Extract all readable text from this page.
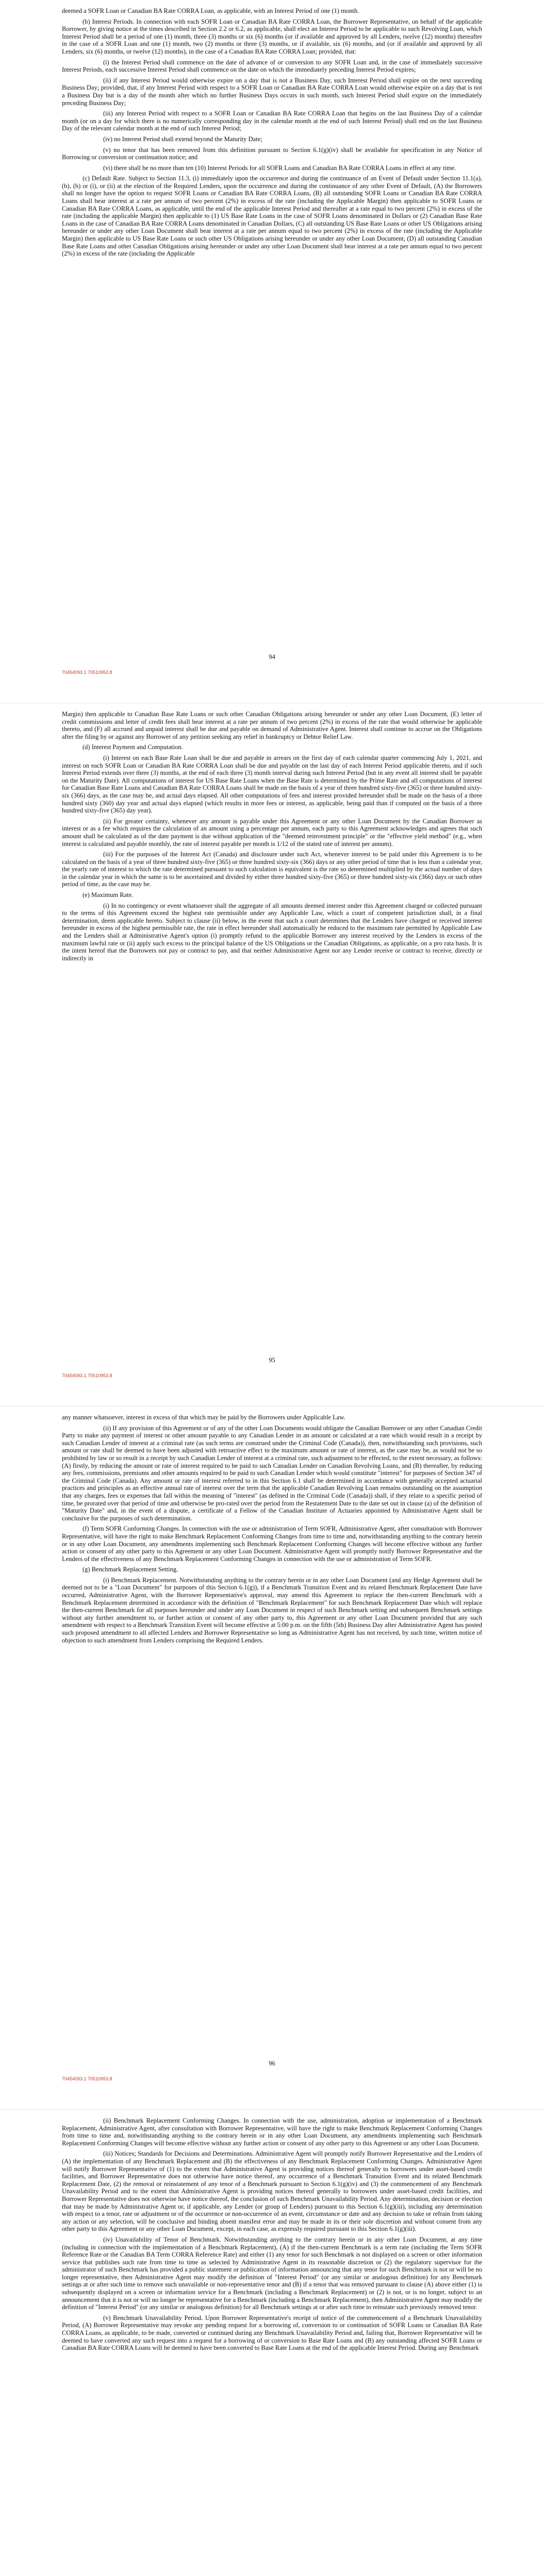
deemed a SOFR Loan or Canadian BA Rate CORRA Loan, as applicable, with an Interest Period of one (1) month.

(b) Interest Periods. In connection with each SOFR Loan or Canadian BA Rate CORRA Loan, the Borrower Representative, on behalf of the applicable Borrower, by giving notice at the times described in Section 2.2 or 6.2, as applicable, shall elect an Interest Period to be applicable to such Revolving Loan, which Interest Period shall be a period of one (1) month, three (3) months or six (6) months (or if available and approved by all Lenders, twelve (12) months) thereafter in the case of a SOFR Loan and one (1) month, two (2) months or three (3) months, or if available, six (6) months, and (or if available and approved by all Lenders, six (6) months, or twelve (12) months), in the case of a Canadian BA Rate CORRA Loan; provided, that:

(i) the Interest Period shall commence on the date of advance of or conversion to any SOFR Loan and, in the case of immediately successive Interest Periods, each successive Interest Period shall commence on the date on which the immediately preceding Interest Period expires;

(ii) if any Interest Period would otherwise expire on a day that is not a Business Day, such Interest Period shall expire on the next succeeding Business Day; provided, that, if any Interest Period with respect to a SOFR Loan or Canadian BA Rate CORRA Loan would otherwise expire on a day that is not a Business Day but is a day of the month after which no further Business Days occurs in such month, such Interest Period shall expire on the immediately preceding Business Day;

(iii) any Interest Period with respect to a SOFR Loan or Canadian BA Rate CORRA Loan that begins on the last Business Day of a calendar month (or on a day for which there is no numerically corresponding day in the calendar month at the end of such Interest Period) shall end on the last Business Day of the relevant calendar month at the end of such Interest Period;

(iv) no Interest Period shall extend beyond the Maturity Date;

(v) no tenor that has been removed from this definition pursuant to Section 6.1(g)(iv) shall be available for specification in any Notice of Borrowing or conversion or continuation notice; and

(vi) there shall be no more than ten (10) Interest Periods for all SOFR Loans and Canadian BA Rate CORRA Loans in effect at any time.

(c) Default Rate. Subject to Section 11.3, (i) immediately upon the occurrence and during the continuance of an Event of Default under Section 11.1(a), (b), (h) or (i), or (ii) at the election of the Required Lenders, upon the occurrence and during the continuance of any other Event of Default, (A) the Borrowers shall no longer have the option to request SOFR Loans or Canadian BA Rate CORRA Loans, (B) all outstanding SOFR Loans or Canadian BA Rate CORRA Loans shall bear interest at a rate per annum of two percent (2%) in excess of the rate (including the Applicable Margin) then applicable to SOFR Loans or Canadian BA Rate CORRA Loans, as applicable, until the end of the applicable Interest Period and thereafter at a rate equal to two percent (2%) in excess of the rate (including the applicable Margin) then applicable to (1) US Base Rate Loans in the case of SOFR Loans denominated in Dollars or (2) Canadian Base Rate Loans in the case of Canadian BA Rate CORRA Loans denominated in Canadian Dollars, (C) all outstanding US Base Rate Loans or other US Obligations arising hereunder or under any other Loan Document shall bear interest at a rate per annum equal to two percent (2%) in excess of the rate (including the Applicable Margin) then applicable to US Base Rate Loans or such other US Obligations arising hereunder or under any other Loan Document, (D) all outstanding Canadian Base Rate Loans and other Canadian Obligations arising hereunder or under any other Loan Document shall bear interest at a rate per annum equal to two percent (2%) in excess of the rate (including the Applicable

94
70454093.1 70510953.8

Margin) then applicable to Canadian Base Rate Loans or such other Canadian Obligations arising hereunder or under any other Loan Document, (E) letter of credit commissions and letter of credit fees shall bear interest at a rate per annum of two percent (2%) in excess of the rate that would otherwise be applicable thereto, and (F) all accrued and unpaid interest shall be due and payable on demand of Administrative Agent. Interest shall continue to accrue on the Obligations after the filing by or against any Borrower of any petition seeking any relief in bankruptcy or Debtor Relief Law.

(d) Interest Payment and Computation.

(i) Interest on each Base Rate Loan shall be due and payable in arrears on the first day of each calendar quarter commencing July 1, 2021, and interest on each SOFR Loan or Canadian BA Rate CORRA Loan shall be due and payable on the last day of each Interest Period applicable thereto, and if such Interest Period extends over three (3) months, at the end of each three (3) month interval during such Interest Period (but in any event all interest shall be payable on the Maturity Date). All computations of interest for US Base Rate Loans when the Base Rate is determined by the Prime Rate and all computations of interest for Canadian Base Rate Loans and Canadian BA Rate CORRA Loans shall be made on the basis of a year of three hundred sixty-five (365) or three hundred sixty-six (366) days, as the case may be, and actual days elapsed. All other computations of fees and interest provided hereunder shall be made on the basis of a three hundred sixty (360) day year and actual days elapsed (which results in more fees or interest, as applicable, being paid than if computed on the basis of a three hundred sixty-five (365) day year).

(ii) For greater certainty, whenever any amount is payable under this Agreement or any other Loan Document by the Canadian Borrower as interest or as a fee which requires the calculation of an amount using a percentage per annum, each party to this Agreement acknowledges and agrees that such amount shall be calculated as of the date payment is due without application of the "deemed reinvestment principle" or the "effective yield method" (e.g., when interest is calculated and payable monthly, the rate of interest payable per month is 1/12 of the stated rate of interest per annum).

(iii) For the purposes of the Interest Act (Canada) and disclosure under such Act, whenever interest to be paid under this Agreement is to be calculated on the basis of a year of three hundred sixty-five (365) or three hundred sixty-six (366) days or any other period of time that is less than a calendar year, the yearly rate of interest to which the rate determined pursuant to such calculation is equivalent is the rate so determined multiplied by the actual number of days in the calendar year in which the same is to be ascertained and divided by either three hundred sixty-five (365) or three hundred sixty-six (366) days or such other period of time, as the case may be.

(e) Maximum Rate.

(i) In no contingency or event whatsoever shall the aggregate of all amounts deemed interest under this Agreement charged or collected pursuant to the terms of this Agreement exceed the highest rate permissible under any Applicable Law, which a court of competent jurisdiction shall, in a final determination, deem applicable hereto. Subject to clause (ii) below, in the event that such a court determines that the Lenders have charged or received interest hereunder in excess of the highest permissible rate, the rate in effect hereunder shall automatically be reduced to the maximum rate permitted by Applicable Law and the Lenders shall at Administrative Agent's option (i) promptly refund to the applicable Borrower any interest received by the Lenders in excess of the maximum lawful rate or (ii) apply such excess to the principal balance of the US Obligations or the Canadian Obligations, as applicable, on a pro rata basis. It is the intent hereof that the Borrowers not pay or contract to pay, and that neither Administrative Agent nor any Lender receive or contract to receive, directly or indirectly in

95
70454093.1 70510953.8

any manner whatsoever, interest in excess of that which may be paid by the Borrowers under Applicable Law.

(ii) If any provision of this Agreement or of any of the other Loan Documents would obligate the Canadian Borrower or any other Canadian Credit Party to make any payment of interest or other amount payable to any Canadian Lender in an amount or calculated at a rate which would result in a receipt by such Canadian Lender of interest at a criminal rate (as such terms are construed under the Criminal Code (Canada)), then, notwithstanding such provisions, such amount or rate shall be deemed to have been adjusted with retroactive effect to the maximum amount or rate of interest, as the case may be, as would not be so prohibited by law or so result in a receipt by such Canadian Lender of interest at a criminal rate, such adjustment to be effected, to the extent necessary, as follows: (A) firstly, by reducing the amount or rate of interest required to be paid to such Canadian Lender on Canadian Revolving Loans, and (B) thereafter, by reducing any fees, commissions, premiums and other amounts required to be paid to such Canadian Lender which would constitute "interest" for purposes of Section 347 of the Criminal Code (Canada). Any amount or rate of interest referred to in this Section 6.1 shall be determined in accordance with generally accepted actuarial practices and principles as an effective annual rate of interest over the term that the applicable Canadian Revolving Loan remains outstanding on the assumption that any charges, fees or expenses that fall within the meaning of "interest" (as defined in the Criminal Code (Canada)) shall, if they relate to a specific period of time, be prorated over that period of time and otherwise be pro-rated over the period from the Restatement Date to the date set out in clause (a) of the definition of "Maturity Date" and, in the event of a dispute, a certificate of a Fellow of the Canadian Institute of Actuaries appointed by Administrative Agent shall be conclusive for the purposes of such determination.

(f) Term SOFR Conforming Changes. In connection with the use or administration of Term SOFR, Administrative Agent, after consultation with Borrower Representative, will have the right to make Benchmark Replacement Conforming Changes from time to time and, notwithstanding anything to the contrary herein or in any other Loan Document, any amendments implementing such Benchmark Replacement Conforming Changes will become effective without any further action or consent of any other party to this Agreement or any other Loan Document. Administrative Agent will promptly notify Borrower Representative and the Lenders of the effectiveness of any Benchmark Replacement Conforming Changes in connection with the use or administration of Term SOFR.

(g) Benchmark Replacement Setting.

(i) Benchmark Replacement. Notwithstanding anything to the contrary herein or in any other Loan Document (and any Hedge Agreement shall be deemed not to be a "Loan Document" for purposes of this Section 6.1(g)), if a Benchmark Transition Event and its related Benchmark Replacement Date have occurred, Administrative Agent, with the Borrower Representative's approval, may amend this Agreement to replace the then-current Benchmark with a Benchmark Replacement determined in accordance with the definition of "Benchmark Replacement" for such Benchmark Replacement Date which will replace the then-current Benchmark for all purposes hereunder and under any Loan Document in respect of such Benchmark setting and subsequent Benchmark settings without any further amendment to, or further action or consent of any other party to, this Agreement or any other Loan Document provided that any such amendment with respect to a Benchmark Transition Event will become effective at 5:00 p.m. on the fifth (5th) Business Day after Administrative Agent has posted such proposed amendment to all affected Lenders and Borrower Representative so long as Administrative Agent has not received, by such time, written notice of objection to such amendment from Lenders comprising the Required Lenders.

96
70454093.1 70510953.8

(ii) Benchmark Replacement Conforming Changes. In connection with the use, administration, adoption or implementation of a Benchmark Replacement, Administrative Agent, after consultation with Borrower Representative, will have the right to make Benchmark Replacement Conforming Changes from time to time and, notwithstanding anything to the contrary herein or in any other Loan Document, any amendments implementing such Benchmark Replacement Conforming Changes will become effective without any further action or consent of any other party to this Agreement or any other Loan Document.

(iii) Notices; Standards for Decisions and Determinations. Administrative Agent will promptly notify Borrower Representative and the Lenders of (A) the implementation of any Benchmark Replacement and (B) the effectiveness of any Benchmark Replacement Conforming Changes. Administrative Agent will notify Borrower Representative of (1) to the extent that Administrative Agent is providing notices thereof generally to borrowers under asset-based credit facilities, and Borrower Representative does not otherwise have notice thereof, any occurrence of a Benchmark Transition Event and its related Benchmark Replacement Date, (2) the removal or reinstatement of any tenor of a Benchmark pursuant to Section 6.1(g)(iv) and (3) the commencement of any Benchmark Unavailability Period and to the extent that Administrative Agent is providing notices thereof generally to borrowers under asset-based credit facilities, and Borrower Representative does not otherwise have notice thereof, the conclusion of such Benchmark Unavailability Period. Any determination, decision or election that may be made by Administrative Agent or, if applicable, any Lender (or group of Lenders) pursuant to this Section 6.1(g)(iii), including any determination with respect to a tenor, rate or adjustment or of the occurrence or non-occurrence of an event, circumstance or date and any decision to take or refrain from taking any action or any selection, will be conclusive and binding absent manifest error and may be made in its or their sole discretion and without consent from any other party to this Agreement or any other Loan Document, except, in each case, as expressly required pursuant to this Section 6.1(g)(iii).

(iv) Unavailability of Tenor of Benchmark. Notwithstanding anything to the contrary herein or in any other Loan Document, at any time (including in connection with the implementation of a Benchmark Replacement), (A) if the then-current Benchmark is a term rate (including the Term SOFR Reference Rate or the Canadian BA Term CORRA Reference Rate) and either (1) any tenor for such Benchmark is not displayed on a screen or other information service that publishes such rate from time to time as selected by Administrative Agent in its reasonable discretion or (2) the regulatory supervisor for the administrator of such Benchmark has provided a public statement or publication of information announcing that any tenor for such Benchmark is not or will be no longer representative, then Administrative Agent may modify the definition of "Interest Period" (or any similar or analogous definition) for any Benchmark settings at or after such time to remove such unavailable or non-representative tenor and (B) if a tenor that was removed pursuant to clause (A) above either (1) is subsequently displayed on a screen or information service for a Benchmark (including a Benchmark Replacement) or (2) is not, or is no longer, subject to an announcement that it is not or will no longer be representative for a Benchmark (including a Benchmark Replacement), then Administrative Agent may modify the definition of "Interest Period" (or any similar or analogous definition) for all Benchmark settings at or after such time to reinstate such previously removed tenor.

(v) Benchmark Unavailability Period. Upon Borrower Representative's receipt of notice of the commencement of a Benchmark Unavailability Period, (A) Borrower Representative may revoke any pending request for a borrowing of, conversion to or continuation of SOFR Loans or Canadian BA Rate CORRA Loans, as applicable, to be made, converted or continued during any Benchmark Unavailability Period and, failing that, Borrower Representative will be deemed to have converted any such request into a request for a borrowing of or conversion to Base Rate Loans and (B) any outstanding affected SOFR Loans or Canadian BA Rate CORRA Loans will be deemed to have been converted to Base Rate Loans at the end of the applicable Interest Period. During any Benchmark
